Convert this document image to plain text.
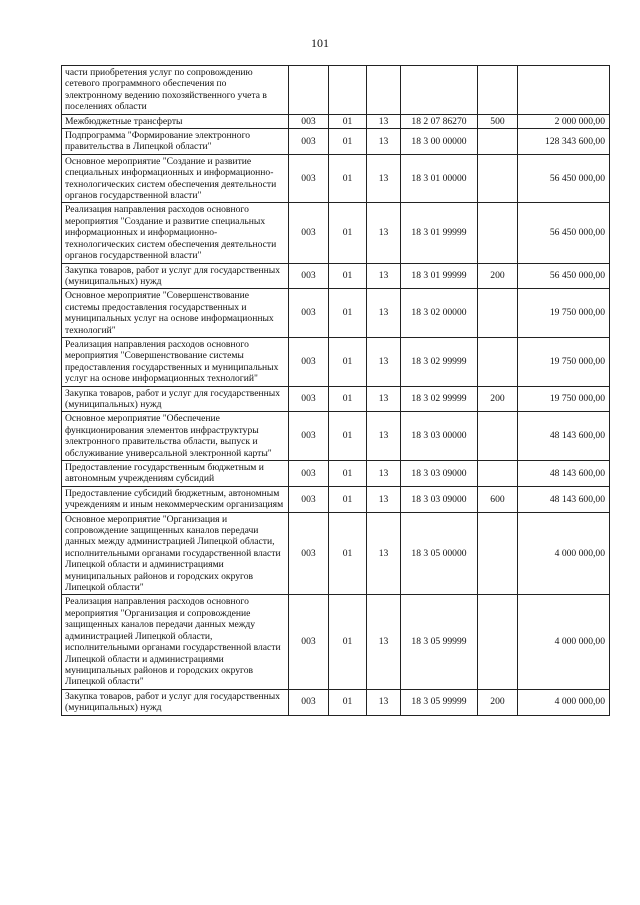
101
части приобретения услуг по сопровождению сетевого программного обеспечения по электронному ведению похозяйственного учета в поселениях области						
Межбюджетные трансферты	003	01	13	18 2 07 86270	500	2 000 000,00
Подпрограмма "Формирование электронного правительства в Липецкой области"	003	01	13	18 3 00 00000		128 343 600,00
Основное мероприятие "Создание и развитие специальных информационных и информационно-технологических систем обеспечения деятельности органов государственной власти"	003	01	13	18 3 01 00000		56 450 000,00
Реализация направления расходов основного мероприятия "Создание и развитие специальных информационных и информационно-технологических систем обеспечения деятельности органов государственной власти"	003	01	13	18 3 01 99999		56 450 000,00
Закупка товаров, работ и услуг для государственных (муниципальных) нужд	003	01	13	18 3 01 99999	200	56 450 000,00
Основное мероприятие "Совершенствование системы предоставления государственных и муниципальных услуг на основе информационных технологий"	003	01	13	18 3 02 00000		19 750 000,00
Реализация направления расходов основного мероприятия "Совершенствование системы предоставления государственных и муниципальных услуг на основе информационных технологий"	003	01	13	18 3 02 99999		19 750 000,00
Закупка товаров, работ и услуг для государственных (муниципальных) нужд	003	01	13	18 3 02 99999	200	19 750 000,00
Основное мероприятие "Обеспечение функционирования элементов инфраструктуры электронного правительства области, выпуск и обслуживание универсальной электронной карты"	003	01	13	18 3 03 00000		48 143 600,00
Предоставление государственным бюджетным и автономным учреждениям субсидий	003	01	13	18 3 03 09000		48 143 600,00
Предоставление субсидий бюджетным, автономным учреждениям и иным некоммерческим организациям	003	01	13	18 3 03 09000	600	48 143 600,00
Основное мероприятие "Организация и сопровождение защищенных каналов передачи данных между администрацией Липецкой области, исполнительными органами государственной власти Липецкой области и администрациями муниципальных районов и городских округов Липецкой области"	003	01	13	18 3 05 00000		4 000 000,00
Реализация направления расходов основного мероприятия "Организация и сопровождение защищенных каналов передачи данных между администрацией Липецкой области, исполнительными органами государственной власти Липецкой области и администрациями муниципальных районов и городских округов Липецкой области"	003	01	13	18 3 05 99999		4 000 000,00
Закупка товаров, работ и услуг для государственных (муниципальных) нужд	003	01	13	18 3 05 99999	200	4 000 000,00
